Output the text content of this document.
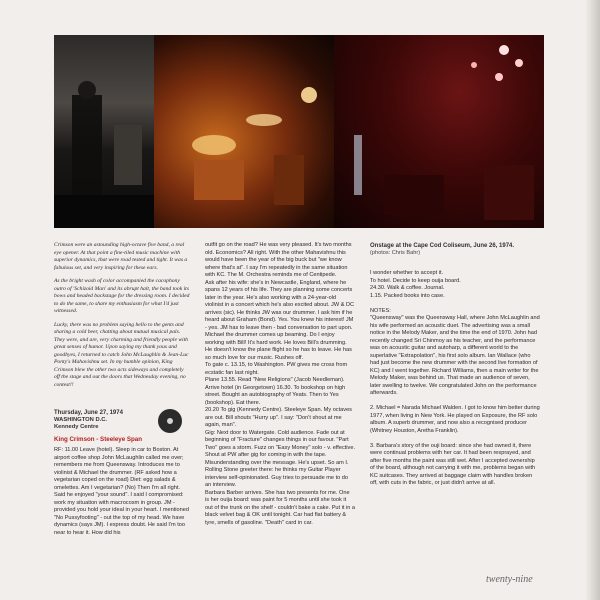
Crimson were an astounding high-octave five band, a real eye opener. At that point a fine-tiled music machine with superior dynamics, that were road tested and tight. It was a fabulous set, and very inspiring for these ears.

As the bright wash of color accompanied the cacophony outro of 'Schizoid Man' and its abrupt halt, the band took its bows and headed backstage for the dressing room. I decided to do the same, to share my enthusiasm for what I'd just witnessed.

Lucky, there was no problem saying hello to the gents and sharing a cold beer, chatting about mutual musical pals. They were, and are, very charming and friendly people with great senses of humor. Upon saying my thank yous and goodbyes, I returned to catch John McLaughlin & Jean-Luc Ponty's Mahavishnu set. In my humble opinion, King Crimson blew the other two acts sideways and completely off the stage and out the doors that Wednesday evening, no contest!!

Thursday, June 27, 1974
WASHINGTON D.C.
Kennedy Centre
King Crimson - Steeleye Span
RF: 11.00 Leave (hotel). Sleep in car to Boston. At airport coffee shop John McLaughlin called me over; remembers me from Queensway. Introduces me to violinist & Michael the drummer. (RF asked how a vegetarian coped on the road) Diet: egg salads & omelettes. Am I vegetarian? (No) Then I'm all right.
Said he enjoyed "your sound". I said I compromised: work my situation with macrocosm in group. JM - provided you hold your ideal in your heart. I mentioned "No Pussyfooting" - out the top of my head. We have dynamics (says JM). I express doubt. He said I'm too near to hear it. How did his
outfit go on the road? He was very pleased. It's two months old. Economics? All right. With the other Mahavishnu this would have been the year of the big buck but "we know where that's at". I say I'm repeatedly in the same situation with KC. The M. Orchestra reminds me of Centipede.
Ask after his wife: she's in Newcastle, England, where he spans 12 years of his life. They are planning some concerts later in the year. He's also working with a 24-year-old violinist in a concert which he's also excited about. JW & DC arrives (sic). He thinks JW was our drummer. I ask him if he heard about Graham (Bond). Yes. You knew his interest! JM - yes. JM has to leave then - bad conversation to part upon.
Michael the drummer comes up beaming. Do I enjoy working with Bill! It's hard work. He loves Bill's drumming. He doesn't know the plane flight so he has to leave. He has so much love for our music. Rushes off.
To gate c. 13.15, to Washington. PW gives me cross from ecstatic fan last night.
Plane 13.55. Read "New Religions" (Jacob Needleman).
Arrive hotel (in Georgetown) 16.30. To bookshop on high street. Bought an autobiography of Yeats. Then to Yes (bookshop). Eat there.
20.20 To gig (Kennedy Centre). Steeleye Span. My octaves are out. Bill shouts "Hurry up". I say: "Don't shout at me again, man".
Gig: Next door to Watergate. Cold audience. Fade out at beginning of "Fracture" changes things in our favour. "Part Two" goes a storm. Fuzz on "Easy Money" solo - v. effective. Shout at PW after gig for coming in with the tape. Misunderstanding over the message. He's upset. So am I.
Rolling Stone greeter there: he thinks my Guitar Player interview self-opinionated. Guy tries to persuade me to do an interview.
Barbara Barber arrives. She has two presents for me. One is her ouija board: was paint for 5 months until she took it out of the trunk on the shelf - couldn't bake a cake. Put it in a black velvet bag & OK until tonight. Car had flat battery & tyre, smells of gasoline. "Death" card in car.
Onstage at the Cape Cod Coliseum, June 26, 1974.
(photos: Chris Bahr)
I wonder whether to accept it.
To hotel. Decide to keep ouija board.
24.30. Walk & coffee. Journal.
1.15. Packed books into case.

NOTES:
"Queensway" was the Queensway Hall, where John McLaughlin and his wife performed an acoustic duet. The advertising was a small notice in the Melody Maker, and the time the end of 1970. John had recently changed Sri Chinmoy as his teacher, and the performance was on acoustic guitar and autoharp, a different world to the superlative "Extrapolation", his first solo album. Ian Wallace (who had just become the new drummer with the second live formation of KC) and I went together. Richard Williams, then a main writer for the Melody Maker, was behind us. That made an audience of seven, later swelling to twelve. We congratulated John on the performance afterwards.

2. Michael = Narada Michael Walden. I got to know him better during 1977, when living in New York. He played on Exposure, the RF solo album. A superb drummer, and now also a recognised producer (Whitney Houston, Aretha Franklin).

3. Barbara's story of the ouji board: since she had owned it, there were continual problems with her car. It had been resprayed, and after five months the paint was still wet. After I accepted ownership of the board, although not carrying it with me, problems began with KC suitcases. They arrived at baggage claim with handles broken off, with cuts in the fabric, or just didn't arrive at all.
twenty-nine
